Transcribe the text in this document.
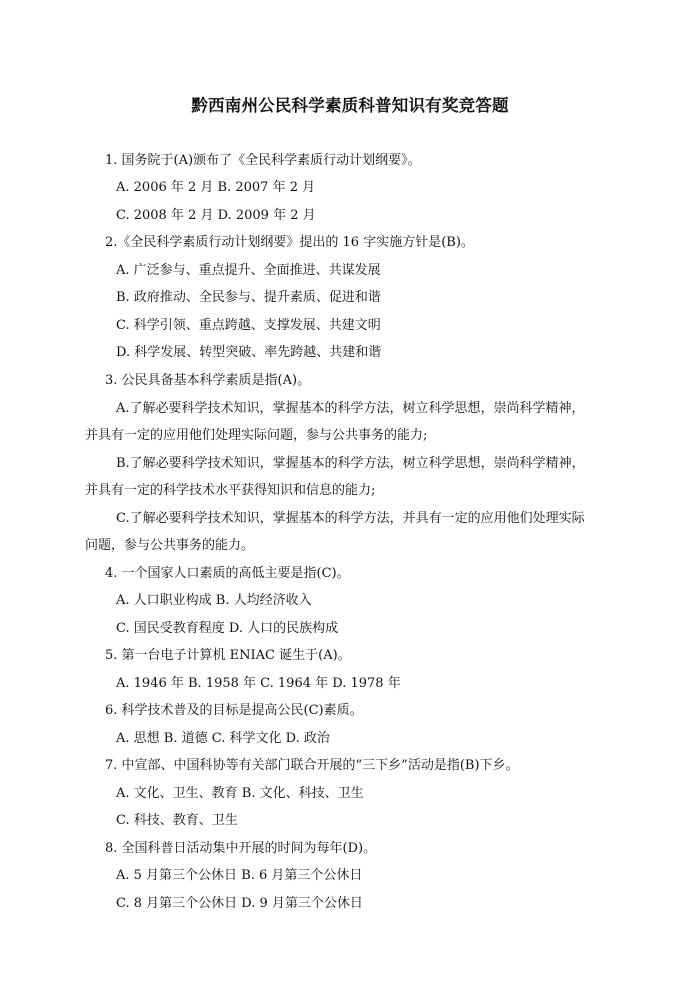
黔西南州公民科学素质科普知识有奖竞答题

1. 国务院于(A)颁布了《全民科学素质行动计划纲要》。

A. 2006 年 2 月 B. 2007 年 2 月

C. 2008 年 2 月 D. 2009 年 2 月

2.《全民科学素质行动计划纲要》提出的 16 字实施方针是(B)。

A. 广泛参与、重点提升、全面推进、共谋发展

B. 政府推动、全民参与、提升素质、促进和谐

C. 科学引领、重点跨越、支撑发展、共建文明

D. 科学发展、转型突破、率先跨越、共建和谐

3. 公民具备基本科学素质是指(A)。

A.了解必要科学技术知识，掌握基本的科学方法，树立科学思想，崇尚科学精神，

并具有一定的应用他们处理实际问题，参与公共事务的能力;

B.了解必要科学技术知识，掌握基本的科学方法，树立科学思想，崇尚科学精神，

并具有一定的科学技术水平获得知识和信息的能力;

C.了解必要科学技术知识，掌握基本的科学方法，并具有一定的应用他们处理实际

问题，参与公共事务的能力。

4. 一个国家人口素质的高低主要是指(C)。

A. 人口职业构成 B. 人均经济收入

C. 国民受教育程度 D. 人口的民族构成

5. 第一台电子计算机 ENIAC 诞生于(A)。

A. 1946 年 B. 1958 年 C. 1964 年 D. 1978 年

6. 科学技术普及的目标是提高公民(C)素质。

A. 思想 B. 道德 C. 科学文化 D. 政治

7. 中宣部、中国科协等有关部门联合开展的“三下乡”活动是指(B)下乡。

A. 文化、卫生、教育 B. 文化、科技、卫生

C. 科技、教育、卫生

8. 全国科普日活动集中开展的时间为每年(D)。

A. 5 月第三个公休日 B. 6 月第三个公休日

C. 8 月第三个公休日 D. 9 月第三个公休日
